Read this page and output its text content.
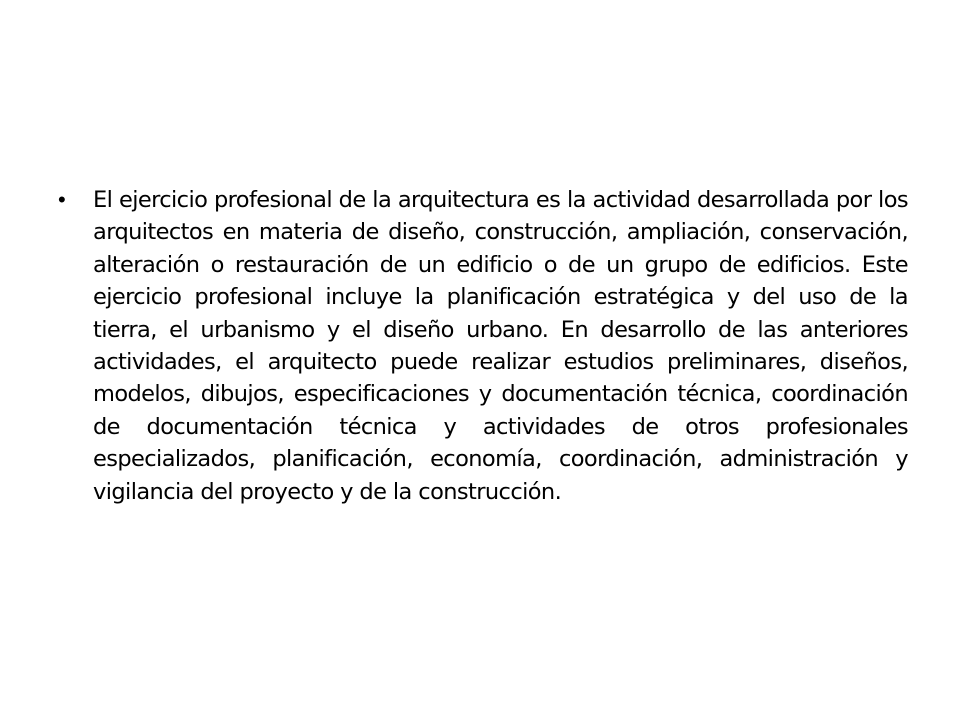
•	El ejercicio profesional de la arquitectura es la actividad desarrollada por los arquitectos en materia de diseño, construcción, ampliación, conservación, alteración o restauración de un edificio o de un grupo de edificios. Este ejercicio profesional incluye la planificación estratégica y del uso de la tierra, el urbanismo y el diseño urbano. En desarrollo de las anteriores actividades, el arquitecto puede realizar estudios preliminares, diseños, modelos, dibujos, especificaciones y documentación técnica, coordinación de documentación técnica y actividades de otros profesionales especializados, planificación, economía, coordinación, administración y vigilancia del proyecto y de la construcción.
